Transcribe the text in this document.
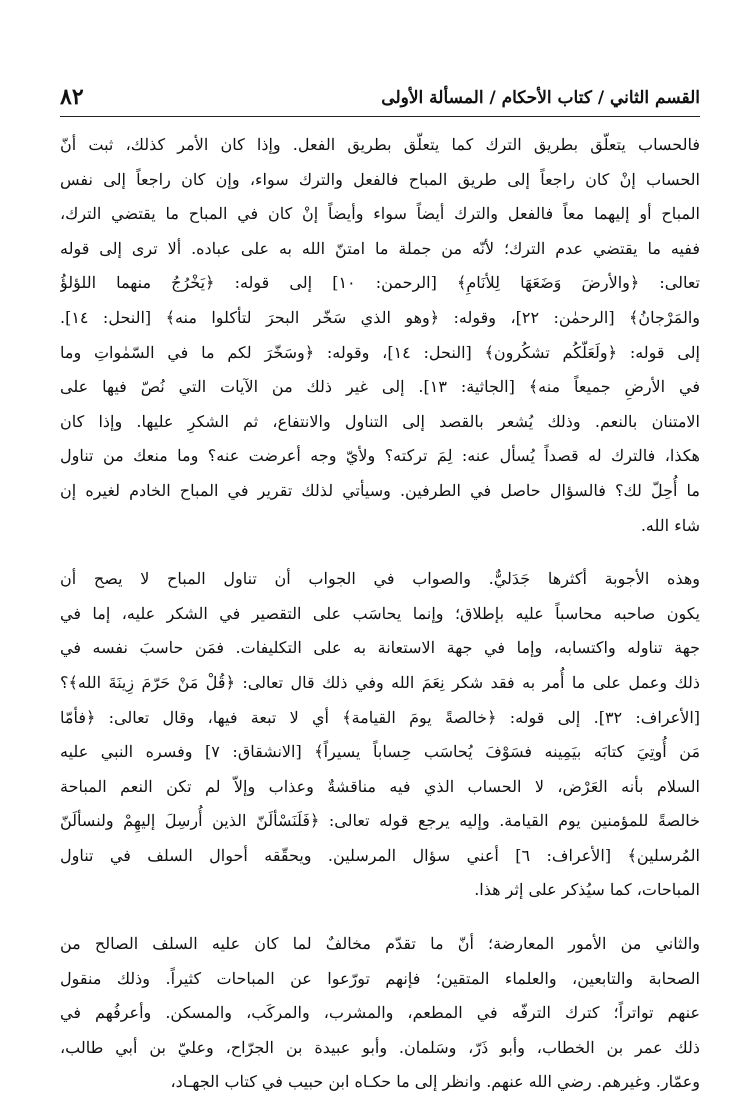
٨٢	القسم الثاني / كتاب الأحكام / المسألة الأولى
فالحساب يتعلّق بطريق الترك كما يتعلّق بطريق الفعل. وإذا كان الأمر كذلك، ثبت أنّ
الحساب إنْ كان راجعاً إلى طريق المباح فالفعل والترك سواء، وإن كان راجعاً إلى نفس
المباح أو إليهما معاً فالفعل والترك أيضاً سواء وأيضاً إنْ كان في المباح ما يقتضي الترك،
ففيه ما يقتضي عدم الترك؛ لأنّه من جملة ما امتنّ الله به على عباده. ألا ترى إلى قوله
تعالى: ﴿والأرضَ وَضَعَهَا لِلأنَامِ﴾ [الرحمن: ١٠] إلى قوله: ﴿يَخْرُجُ منهما اللؤلؤُ
والمَرْجانُ﴾ [الرحمٰن: ٢٢]، وقوله: ﴿وهو الذي سَخّر البحرَ لتأكلوا منه﴾ [النحل: ١٤].
إلى قوله: ﴿ولَعَلّكُم تشكُرون﴾ [النحل: ١٤]، وقوله: ﴿وسَخّرَ لكم ما في السّمٰواتِ وما
في الأرضِ جميعاً منه﴾ [الجاثية: ١٣]. إلى غير ذلك من الآيات التي نُصّ فيها على
الامتنان بالنعم. وذلك يُشعر بالقصد إلى التناول والانتفاع، ثم الشكرِ عليها. وإذا كان
هكذا، فالترك له قصداً يُسأل عنه: لِمَ تركته؟ ولأيّ وجه أعرضت عنه؟ وما منعك من تناول
ما أُحِلّ لك؟ فالسؤال حاصل في الطرفين. وسيأتي لذلك تقرير في المباح الخادم لغيره إن
شاء الله.
وهذه الأجوبة أكثرها جَدَليٌّ. والصواب في الجواب أن تناول المباح لا يصح أن
يكون صاحبه محاسباً عليه بإطلاق؛ وإنما يحاسَب على التقصير في الشكر عليه، إما في
جهة تناوله واكتسابه، وإما في جهة الاستعانة به على التكليفات. فمَن حاسبَ نفسه في
ذلك وعمل على ما أُمر به فقد شكر نِعَمَ الله وفي ذلك قال تعالى: ﴿قُلْ مَنْ حَرّمَ زِينَةَ الله﴾؟
[الأعراف: ٣٢]. إلى قوله: ﴿خالصةً يومَ القيامة﴾ أي لا تبعة فيها، وقال تعالى: ﴿فأمّا
مَن أُوتِيَ كتابَه بيَمِينه فسَوْفَ يُحاسَب حِساباً يسيراً﴾ [الانشقاق: ٧] وفسره النبي عليه
السلام بأنه العَرْض، لا الحساب الذي فيه مناقشةٌ وعذاب وإلاّ لم تكن النعم المباحة
خالصةً للمؤمنين يوم القيامة. وإليه يرجع قوله تعالى: ﴿فَلَنَسْألَنّ الذين أُرسِلَ إليهِمْ ولنسألَنّ
المُرسلين﴾ [الأعراف: ٦] أعني سؤال المرسلين. ويحقّقه أحوال السلف في تناول
المباحات، كما سيُذكر على إثر هذا.
والثاني من الأمور المعارضة؛ أنّ ما تقدّم مخالفٌ لما كان عليه السلف الصالح من
الصحابة والتابعين، والعلماء المتقين؛ فإنهم تورّعوا عن المباحات كثيراً. وذلك منقول
عنهم تواتراً؛ كترك الترفّه في المطعم، والمشرب، والمركَب، والمسكن. وأعرفُهم في
ذلك عمر بن الخطاب، وأبو ذَرّ، وسَلمان. وأبو عبيدة بن الجرّاح، وعليّ بن أبي طالب،
وعمّار. وغيرهم. رضي الله عنهم. وانظر إلى ما حكـاه ابن حبيب في كتاب الجهـاد،
